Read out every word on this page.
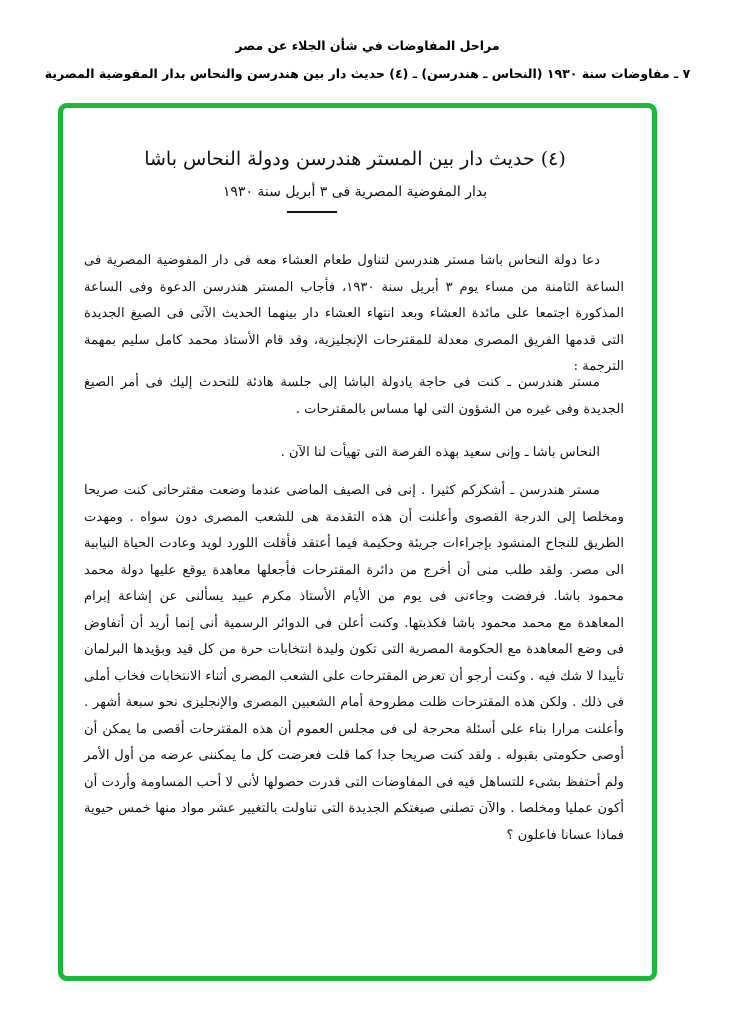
مراحل المفاوضات في شأن الجلاء عن مصر
٧ ـ مفاوضات سنة ١٩٣٠ (النحاس ـ هندرسن) ـ (٤) حديث دار بين هندرسن والنحاس بدار المفوضية المصرية
(٤) حديث دار بين المستر هندرسن ودولة النحاس باشا
بدار المفوضية المصرية فى ٣ أبريل سنة ١٩٣٠
دعا دولة النحاس باشا مستر هندرسن لتناول طعام العشاء معه فى دار المفوضية المصرية فى الساعة الثامنة من مساء يوم ٣ أبريل سنة ١٩٣٠، فأجاب المستر هندرسن الدعوة وفى الساعة المذكورة اجتمعا على مائدة العشاء وبعد انتهاء العشاء دار بينهما الحديث الآتى فى الصيغ الجديدة التى قدمها الفريق المصرى معدلة للمقترحات الإنجليزية، وقد قام الأستاذ محمد كامل سليم بمهمة الترجمة :
مستر هندرسن ـ كنت فى حاجة يادولة الباشا إلى جلسة هادئة للتحدث إليك فى أمر الصيغ الجديدة وفى غيره من الشؤون التى لها مساس بالمقترحات .
النحاس باشا ـ وإنى سعيد بهذه الفرصة التى تهيأت لنا الآن .
مستر هندرسن ـ أشكركم كثيرا . إنى فى الصيف الماضى عندما وضعت مقترحاتى كنت صريحا ومخلصا إلى الدرجة القصوى وأعلنت أن هذه التقدمة هى للشعب المصرى دون سواه . ومهدت الطريق للنجاح المنشود بإجراءات جريئة وحكيمة فيما أعتقد فأقلت اللورد لويد وعادت الحياة النيابية الى مصر. ولقد طلب منى أن أخرج من دائرة المقترحات فأجعلها معاهدة يوقع عليها دولة محمد محمود باشا. فرفضت وجاءنى فى يوم من الأيام الأستاذ مكرم عبيد يسألنى عن إشاعة إبرام المعاهدة مع محمد محمود باشا فكذبتها. وكنت أعلن فى الدوائر الرسمية أنى إنما أريد أن أتفاوض فى وضع المعاهدة مع الحكومة المصرية التى تكون وليدة انتخابات حرة من كل قيد وبؤيدها البرلمان تأييدا لا شك فيه . وكنت أرجو أن تعرض المقترحات على الشعب المصرى أثناء الانتخابات فخاب أملى فى ذلك . ولكن هذه المقترحات ظلت مطروحة أمام الشعبين المصرى والإنجليزى نحو سبعة أشهر . وأعلنت مرارا بناء على أسئلة محرجة لى فى مجلس العموم أن هذه المقترحات أقصى ما يمكن أن أوصى حكومتى بقبوله . ولقد كنت صريحا جدا كما قلت فعرضت كل ما يمكننى عرضه من أول الأمر ولم أحتفظ بشىء للتساهل فيه فى المفاوضات التى قدرت حصولها لأنى لا أحب المساومة وأردت أن أكون عمليا ومخلصا . والآن تصلنى صيغتكم الجديدة التى تناولت بالتغيير عشر مواد منها خمس حيوية فماذا عسانا فاعلون ؟
